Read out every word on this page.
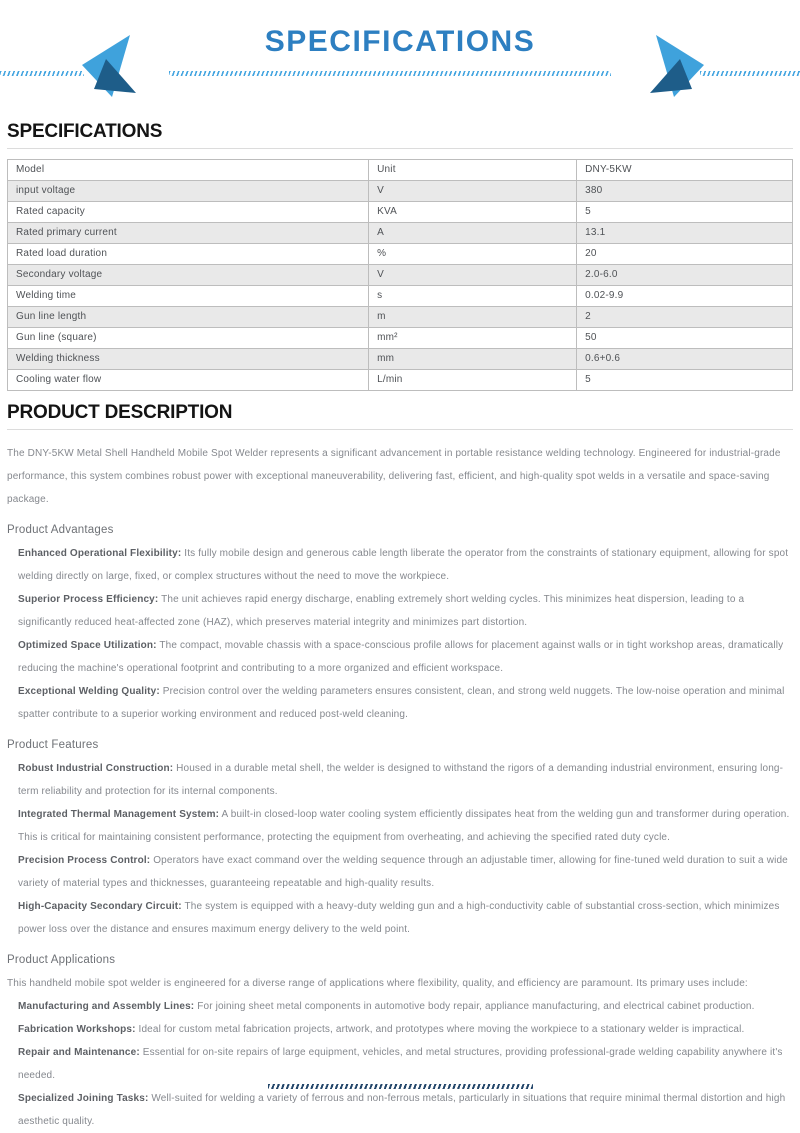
SPECIFICATIONS
SPECIFICATIONS
Model	Unit	DNY-5KW
input voltage	V	380
Rated capacity	KVA	5
Rated primary current	A	13.1
Rated load duration	%	20
Secondary voltage	V	2.0-6.0
Welding time	s	0.02-9.9
Gun line length	m	2
Gun line (square)	mm²	50
Welding thickness	mm	0.6+0.6
Cooling water flow	L/min	5
PRODUCT DESCRIPTION

The DNY-5KW Metal Shell Handheld Mobile Spot Welder represents a significant advancement in portable resistance welding technology. Engineered for industrial-grade performance, this system combines robust power with exceptional maneuverability, delivering fast, efficient, and high-quality spot welds in a versatile and space-saving package.

Product Advantages

Enhanced Operational Flexibility: Its fully mobile design and generous cable length liberate the operator from the constraints of stationary equipment, allowing for spot welding directly on large, fixed, or complex structures without the need to move the workpiece.

Superior Process Efficiency: The unit achieves rapid energy discharge, enabling extremely short welding cycles. This minimizes heat dispersion, leading to a significantly reduced heat-affected zone (HAZ), which preserves material integrity and minimizes part distortion.

Optimized Space Utilization: The compact, movable chassis with a space-conscious profile allows for placement against walls or in tight workshop areas, dramatically reducing the machine's operational footprint and contributing to a more organized and efficient workspace.

Exceptional Welding Quality: Precision control over the welding parameters ensures consistent, clean, and strong weld nuggets. The low-noise operation and minimal spatter contribute to a superior working environment and reduced post-weld cleaning.

Product Features

Robust Industrial Construction: Housed in a durable metal shell, the welder is designed to withstand the rigors of a demanding industrial environment, ensuring long-term reliability and protection for its internal components.

Integrated Thermal Management System: A built-in closed-loop water cooling system efficiently dissipates heat from the welding gun and transformer during operation. This is critical for maintaining consistent performance, protecting the equipment from overheating, and achieving the specified rated duty cycle.

Precision Process Control: Operators have exact command over the welding sequence through an adjustable timer, allowing for fine-tuned weld duration to suit a wide variety of material types and thicknesses, guaranteeing repeatable and high-quality results.

High-Capacity Secondary Circuit: The system is equipped with a heavy-duty welding gun and a high-conductivity cable of substantial cross-section, which minimizes power loss over the distance and ensures maximum energy delivery to the weld point.

Product Applications

This handheld mobile spot welder is engineered for a diverse range of applications where flexibility, quality, and efficiency are paramount. Its primary uses include:

Manufacturing and Assembly Lines: For joining sheet metal components in automotive body repair, appliance manufacturing, and electrical cabinet production.

Fabrication Workshops: Ideal for custom metal fabrication projects, artwork, and prototypes where moving the workpiece to a stationary welder is impractical.

Repair and Maintenance: Essential for on-site repairs of large equipment, vehicles, and metal structures, providing professional-grade welding capability anywhere it's needed.

Specialized Joining Tasks: Well-suited for welding a variety of ferrous and non-ferrous metals, particularly in situations that require minimal thermal distortion and high aesthetic quality.
